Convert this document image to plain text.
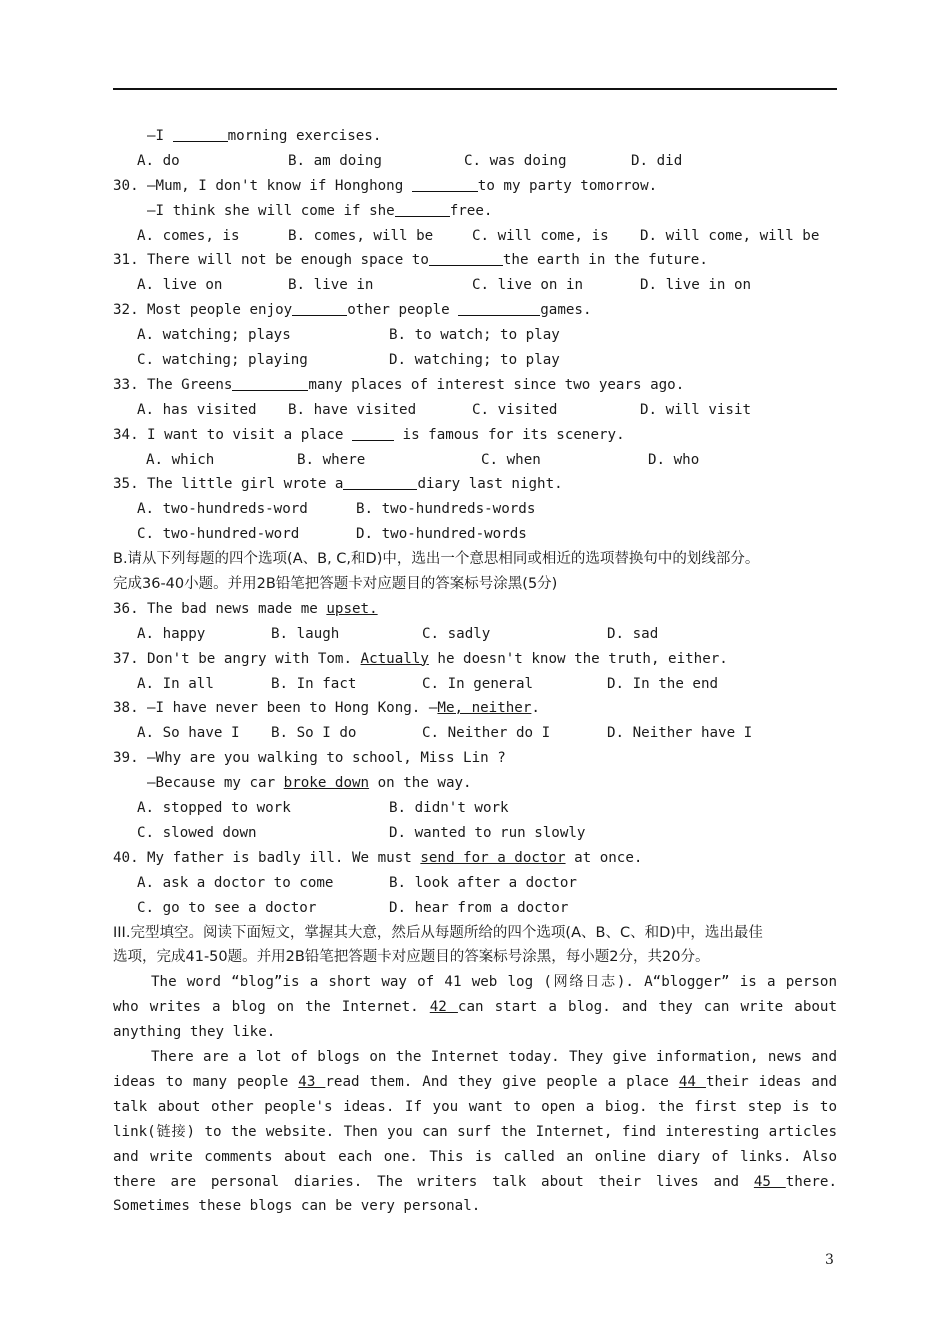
—I	morning exercises.

A. do

	B. am doing

	C. was doing

	D. did

30. —Mum, I don't know if Honghong	to my party tomorrow.
—I think she will come if she	free.

A. comes, is

	B. comes, will be

	C. will come, is

D. will come, will be

31. There will not be enough space to	the earth in the future.

A. live on

	B. live in

	C. live on in

	D. live in on

32. Most people enjoy	other people	games.

A. watching; plays

	B. to watch; to play

C. watching; playing

	D. watching; to play

33. The Greens	many places of interest since two years ago.

A. has visited

B. have visited

	C. visited

	D. will visit

34. I want to visit a place	is famous for its scenery.

A. which

	B. where

	C. when

	D. who

35. The little girl wrote a	diary last night.

A. two-hundreds-word

	B. two-hundreds-words

C. two-hundred-word

	D. two-hundred-words

B.请从下列每题的四个选项(A、B, C,和D)中，选出一个意思相同或相近的选项替换句中的划线部分。
完成36-40小题。并用2B铅笔把答题卡对应题目的答案标号涂黑(5分)
36. The bad news made me upset.

A. happy

	B. laugh

	C. sadly

	D. sad

37. Don't be angry with Tom. Actually he doesn't know the truth, either.

A. In all

	B. In fact

	C. In general

	D. In the end

38. —I have never been to Hong Kong. —Me, neither.

A. So have I

B. So I do

	C. Neither do I

	D. Neither have I

39. —Why are you walking to school, Miss Lin ?
—Because my car broke down on the way.

A. stopped to work

	B. didn't work

C. slowed down

	D. wanted to run slowly

40. My father is badly ill. We must send for a doctor at once.

A. ask a doctor to come

	B. look after a doctor

C. go to see a doctor

	D. hear from a doctor

III.完型填空。阅读下面短文，掌握其大意，然后从每题所给的四个选项(A、B、C、和D)中，选出最佳
选项，完成41-50题。并用2B铅笔把答题卡对应题目的答案标号涂黑，每小题2分，共20分。

The word “blog”is a short way of 41 web log (网络日志). A“blogger” is a person who writes a blog on the Internet. 42 can start a blog. and they can write about anything they like.

There are a lot of blogs on the Internet today. They give information, news and ideas to many people 43 read them. And they give people a place 44 their ideas and talk about other people's ideas. If you want to open a biog. the first step is to link(链接) to the website. Then you can surf the Internet, find interesting articles and write comments about each one. This is called an online diary of links. Also there are personal diaries. The writers talk about their lives and 45 there. Sometimes these blogs can be very personal.

3
